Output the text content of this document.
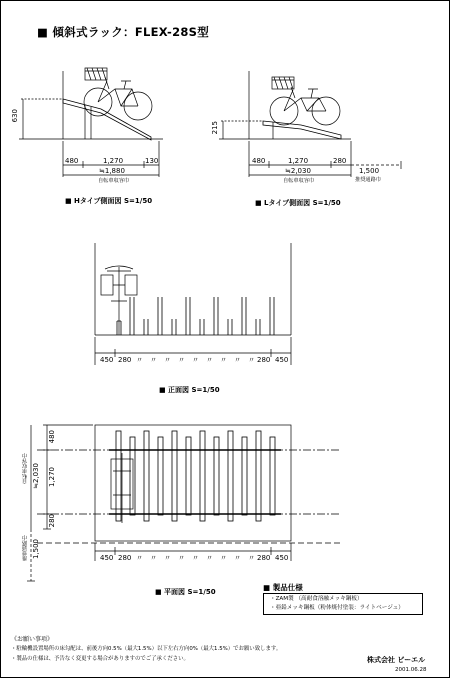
■ 傾斜式ラック：FLEX-28S型
630
480	1,270	130
≒1,880
自転車収容巾
■ Hタイプ側面図 S=1/50
215
480	1,270	280
≒2,030
自転車収容巾
1,500
推奨通路巾
■ Lタイプ側面図 S=1/50
450 280 〃 〃 〃 〃 〃 〃 〃 〃 〃 280 450
■ 正面図 S=1/50
480
1,270
280
自転車収容巾 ≒2,030
推奨通路巾 1,500	450 280 〃 〃 〃 〃 〃 〃 〃 〃 〃 280 450
■ 平面図 S=1/50	■ 製品仕様
・ZAM製 （高耐食溶融メッキ鋼板）
・亜鉛メッキ鋼板（粉体焼付塗装：ライトベージュ）
《お願い事項》
・駐輪機設置場所の床勾配は、前後方向0.5%（最大1.5%）以下左右方向0%（最大1.5%）でお願い致します。
・製品の仕様は、予告なく変更する場合がありますのでご了承ください。	株式会社 ビーエル
2001.06.28
